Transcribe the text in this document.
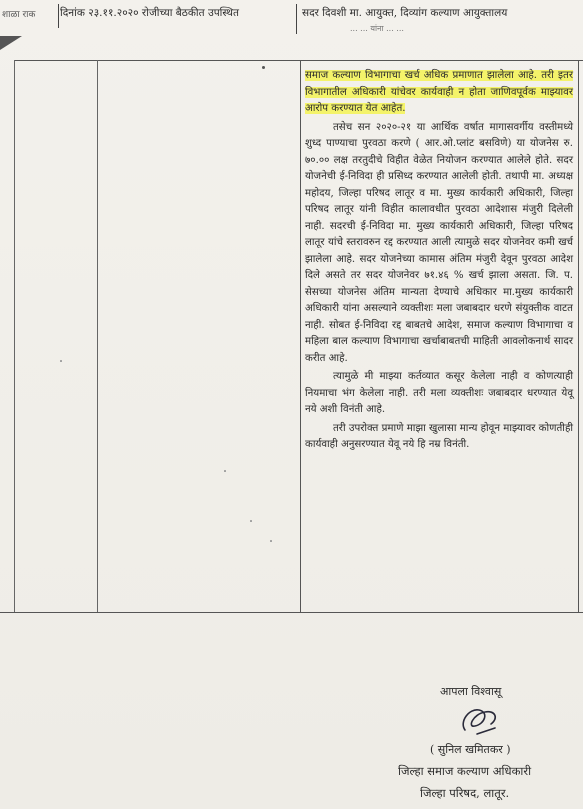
शाळा राक दिनांक २३.११.२०२० रोजीच्या बैठकीत उपस्थित	सदर दिवशी मा. आयुक्त, दिव्यांग कल्याण आयुक्तालय
... ... यांना ... ...

समाज कल्याण विभागाचा खर्च अधिक प्रमाणात झालेला आहे. तरी इतर विभागातील अधिकारी यांचेवर कार्यवाही न होता जाणिवपूर्वक माझ्यावर आरोप करण्यात येत आहेत.

तसेच सन २०२०-२१ या आर्थिक वर्षात मागासवर्गीय वस्तीमध्ये शुध्द पाण्याचा पुरवठा करणे ( आर.ओ.प्लांट बसविणे) या योजनेस रु. ७०.०० लक्ष तरतुदीचे विहीत वेळेत नियोजन करण्यात आलेले होते. सदर योजनेची ई-निविदा ही प्रसिध्द करण्यात आलेली होती. तथापी मा. अध्यक्ष महोदय, जिल्हा परिषद लातूर व मा. मुख्य कार्यकारी अधिकारी, जिल्हा परिषद लातूर यांनी विहीत कालावधीत पुरवठा आदेशास मंजुरी दिलेली नाही. सदरची ई-निविदा मा. मुख्य कार्यकारी अधिकारी, जिल्हा परिषद लातूर यांचे स्तरावरुन रद्द करण्यात आली त्यामुळे सदर योजनेवर कमी खर्च झालेला आहे. सदर योजनेच्या कामास अंतिम मंजुरी देवून पुरवठा आदेश दिले असते तर सदर योजनेवर ७१.४६ % खर्च झाला असता. जि. प. सेसच्या योजनेस अंतिम मान्यता देण्याचे अधिकार मा.मुख्य कार्यकारी अधिकारी यांना असल्याने व्यक्तीशः मला जबाबदार धरणे संयुक्तीक वाटत नाही. सोबत ई-निविदा रद्द बाबतचे आदेश, समाज कल्याण विभागाचा व महिला बाल कल्याण विभागाचा खर्चाबाबतची माहिती आवलोकनार्थ सादर करीत आहे.

त्यामुळे मी माझ्या कर्तव्यात कसूर केलेला नाही व कोणत्याही नियमाचा भंग केलेला नाही. तरी मला व्यक्तीशः जबाबदार धरण्यात येवू नये अशी विनंती आहे.

तरी उपरोक्त प्रमाणे माझा खुलासा मान्य होवून माझ्यावर कोणतीही कार्यवाही अनुसरण्यात येवू नये हि नम्र विनंती.

आपला विश्वासू
( सुनिल खमितकर )
जिल्हा समाज कल्याण अधिकारी
जिल्हा परिषद, लातूर.
